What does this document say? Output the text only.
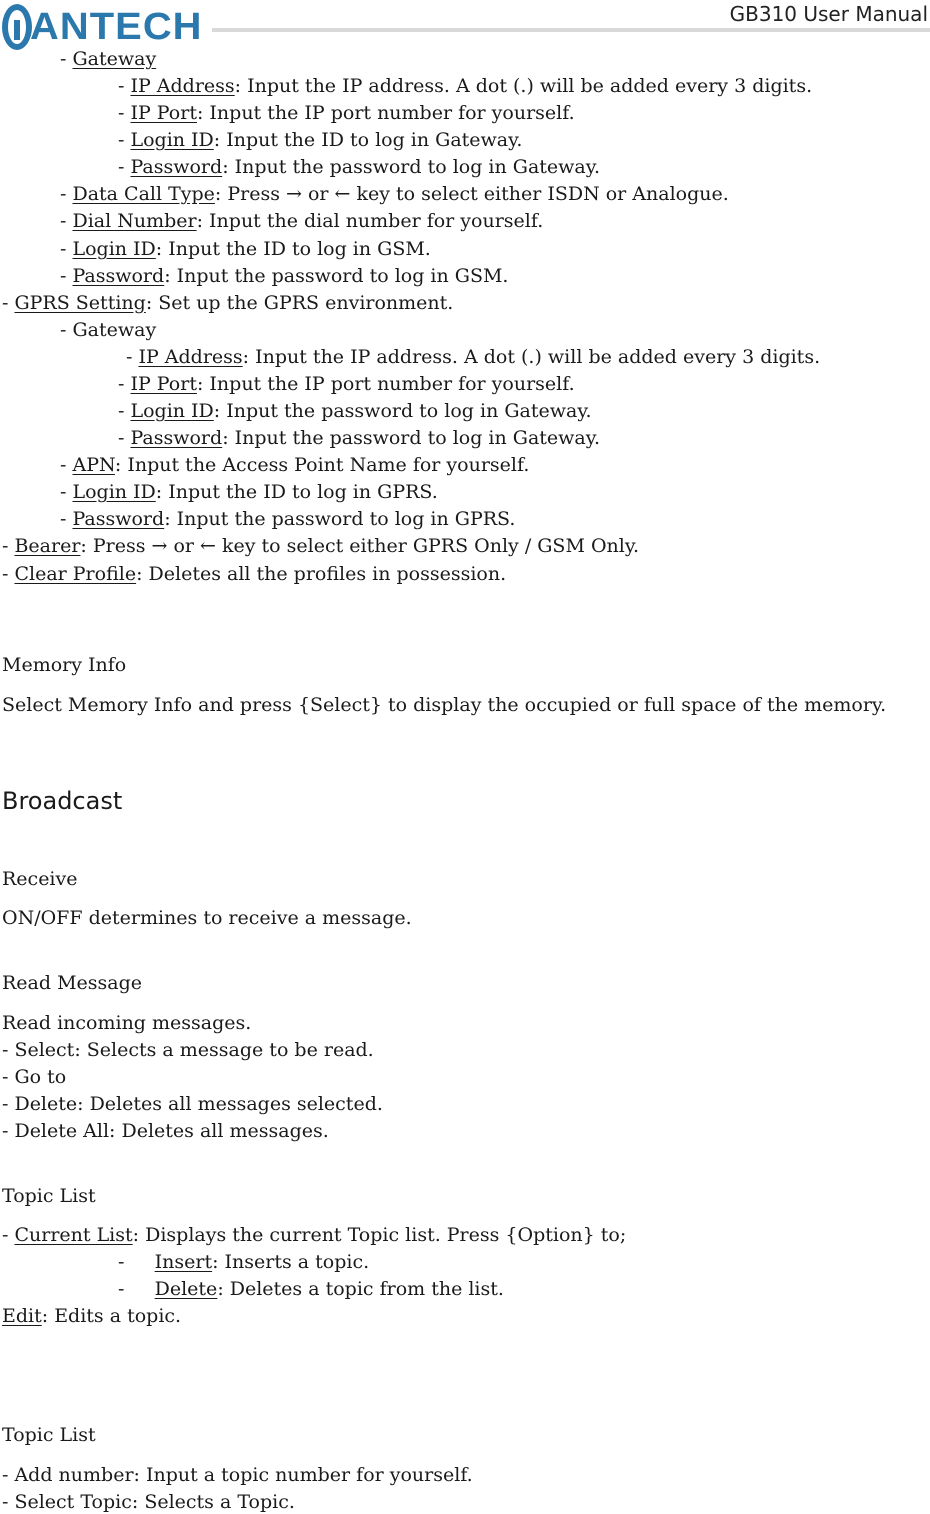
ANTECH	GB310 User Manual
- Gateway
- IP Address: Input the IP address. A dot (.) will be added every 3 digits.
- IP Port: Input the IP port number for yourself.
- Login ID: Input the ID to log in Gateway.
- Password: Input the password to log in Gateway.
- Data Call Type: Press → or ← key to select either ISDN or Analogue.
- Dial Number: Input the dial number for yourself.
- Login ID: Input the ID to log in GSM.
- Password: Input the password to log in GSM.
- GPRS Setting: Set up the GPRS environment.
- Gateway
- IP Address: Input the IP address. A dot (.) will be added every 3 digits.
- IP Port: Input the IP port number for yourself.
- Login ID: Input the password to log in Gateway.
- Password: Input the password to log in Gateway.
- APN: Input the Access Point Name for yourself.
- Login ID: Input the ID to log in GPRS.
- Password: Input the password to log in GPRS.
- Bearer: Press → or ← key to select either GPRS Only / GSM Only.
- Clear Profile: Deletes all the profiles in possession.
Memory Info
Select Memory Info and press {Select} to display the occupied or full space of the memory.
Broadcast
Receive
ON/OFF determines to receive a message.
Read Message
Read incoming messages.
- Select: Selects a message to be read.
- Go to
- Delete: Deletes all messages selected.
- Delete All: Deletes all messages.
Topic List
- Current List: Displays the current Topic list. Press {Option} to;
-     Insert: Inserts a topic.
-     Delete: Deletes a topic from the list.
Edit: Edits a topic.
Topic List
- Add number: Input a topic number for yourself.
- Select Topic: Selects a Topic.
